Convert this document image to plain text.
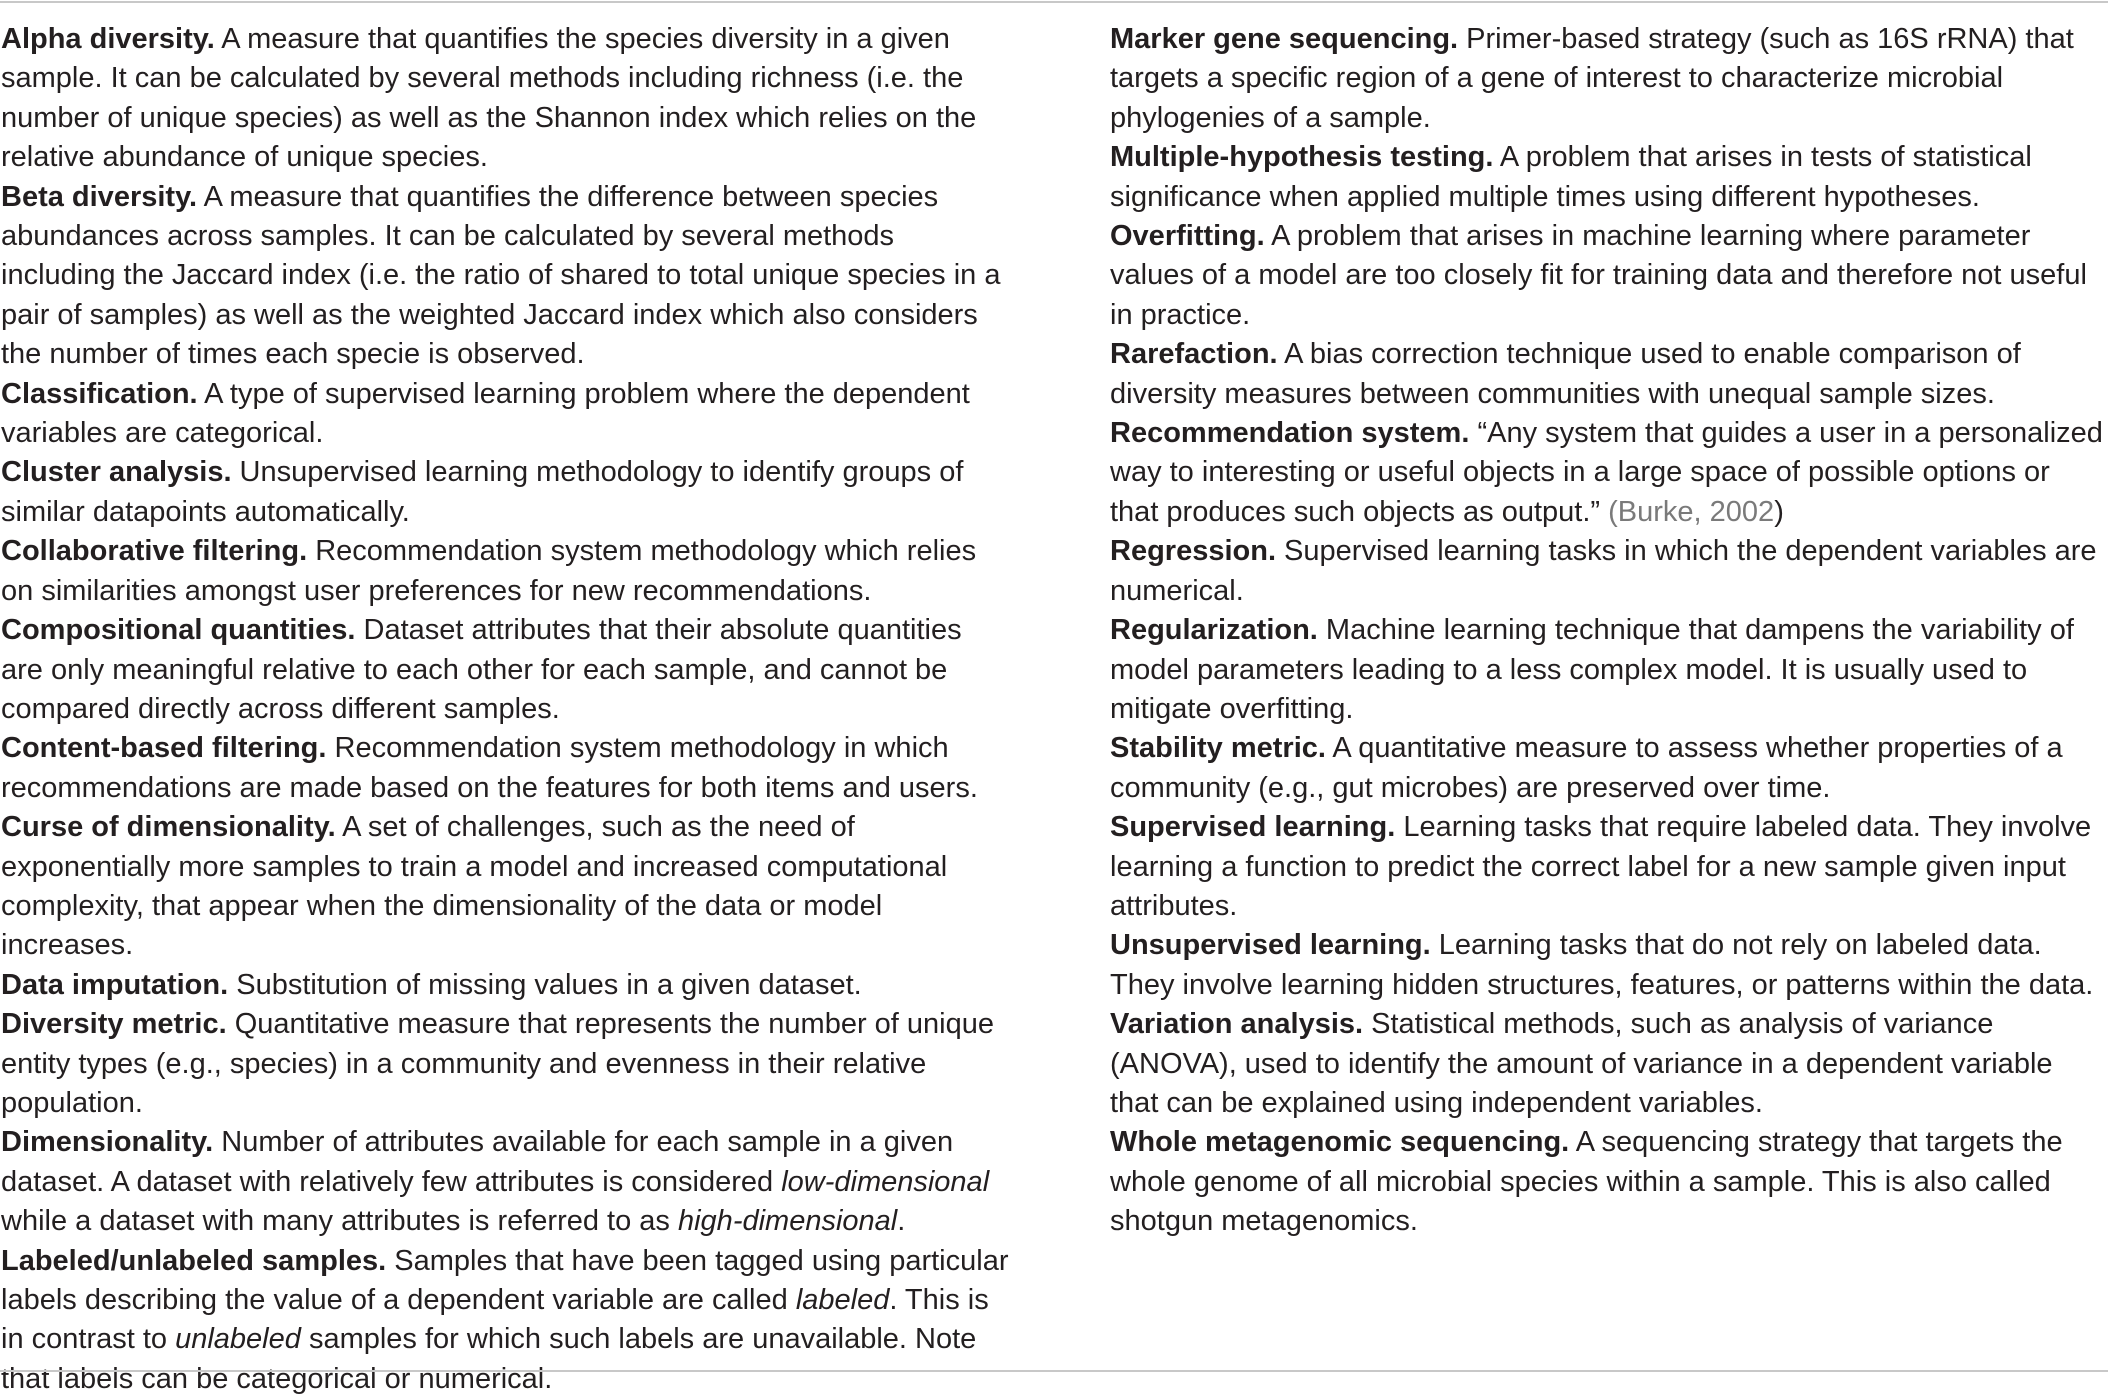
Alpha diversity. A measure that quantifies the species diversity in a given sample. It can be calculated by several methods including richness (i.e. the number of unique species) as well as the Shannon index which relies on the relative abundance of unique species.

Beta diversity. A measure that quantifies the difference between species abundances across samples. It can be calculated by several methods including the Jaccard index (i.e. the ratio of shared to total unique species in a pair of samples) as well as the weighted Jaccard index which also considers the number of times each specie is observed.

Classification. A type of supervised learning problem where the dependent variables are categorical.

Cluster analysis. Unsupervised learning methodology to identify groups of similar datapoints automatically.

Collaborative filtering. Recommendation system methodology which relies on similarities amongst user preferences for new recommendations.

Compositional quantities. Dataset attributes that their absolute quantities are only meaningful relative to each other for each sample, and cannot be compared directly across different samples.

Content-based filtering. Recommendation system methodology in which recommendations are made based on the features for both items and users.

Curse of dimensionality. A set of challenges, such as the need of exponentially more samples to train a model and increased computational complexity, that appear when the dimensionality of the data or model increases.

Data imputation. Substitution of missing values in a given dataset.

Diversity metric. Quantitative measure that represents the number of unique entity types (e.g., species) in a community and evenness in their relative population.

Dimensionality. Number of attributes available for each sample in a given dataset. A dataset with relatively few attributes is considered low-dimensional while a dataset with many attributes is referred to as high-dimensional.

Labeled/unlabeled samples. Samples that have been tagged using particular labels describing the value of a dependent variable are called labeled. This is in contrast to unlabeled samples for which such labels are unavailable. Note that labels can be categorical or numerical.

Marker gene sequencing. Primer-based strategy (such as 16S rRNA) that targets a specific region of a gene of interest to characterize microbial phylogenies of a sample.

Multiple-hypothesis testing. A problem that arises in tests of statistical significance when applied multiple times using different hypotheses.

Overfitting. A problem that arises in machine learning where parameter values of a model are too closely fit for training data and therefore not useful in practice.

Rarefaction. A bias correction technique used to enable comparison of diversity measures between communities with unequal sample sizes.

Recommendation system. “Any system that guides a user in a personalized way to interesting or useful objects in a large space of possible options or that produces such objects as output.” (Burke, 2002)

Regression. Supervised learning tasks in which the dependent variables are numerical.

Regularization. Machine learning technique that dampens the variability of model parameters leading to a less complex model. It is usually used to mitigate overfitting.

Stability metric. A quantitative measure to assess whether properties of a community (e.g., gut microbes) are preserved over time.

Supervised learning. Learning tasks that require labeled data. They involve learning a function to predict the correct label for a new sample given input attributes.

Unsupervised learning. Learning tasks that do not rely on labeled data. They involve learning hidden structures, features, or patterns within the data.

Variation analysis. Statistical methods, such as analysis of variance (ANOVA), used to identify the amount of variance in a dependent variable that can be explained using independent variables.

Whole metagenomic sequencing. A sequencing strategy that targets the whole genome of all microbial species within a sample. This is also called shotgun metagenomics.
